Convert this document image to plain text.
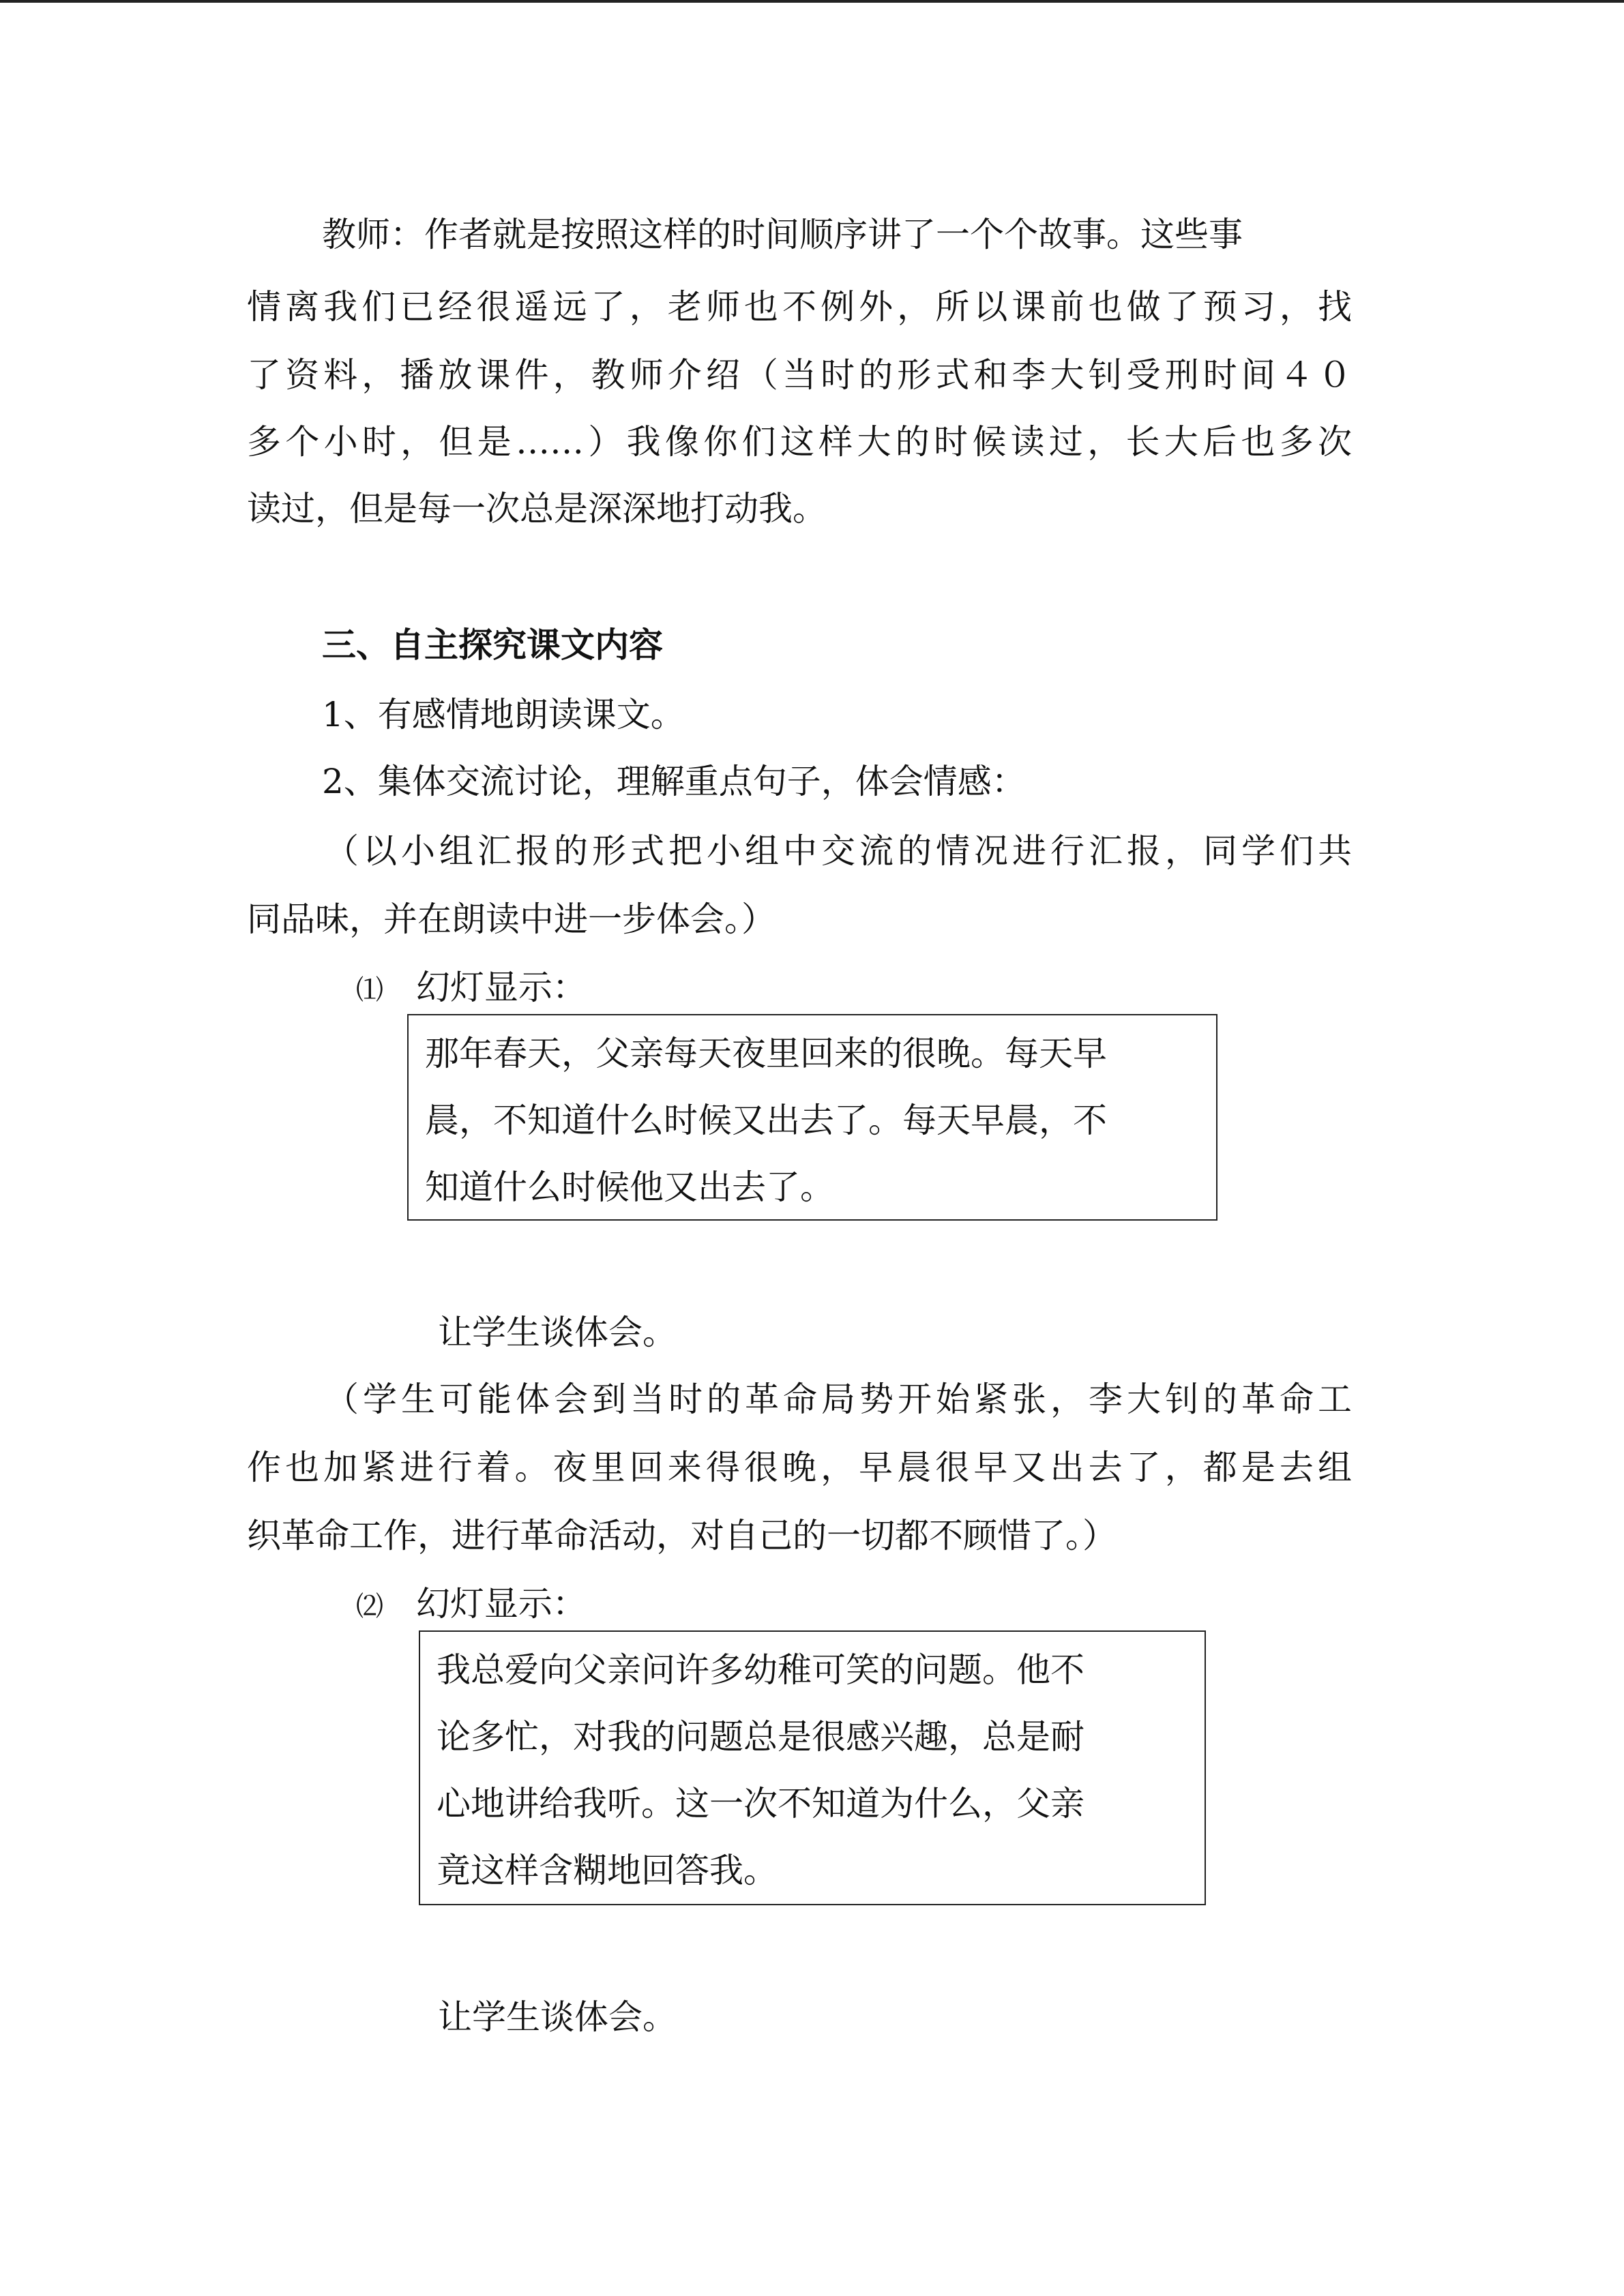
教师：作者就是按照这样的时间顺序讲了一个个故事。这些事
情离我们已经很遥远了，老师也不例外，所以课前也做了预习，找
了资料，播放课件，教师介绍（当时的形式和李大钊受刑时间４０
多个小时，但是……）我像你们这样大的时候读过，长大后也多次
读过，但是每一次总是深深地打动我。
三、自主探究课文内容
1、有感情地朗读课文。
2、集体交流讨论，理解重点句子，体会情感：
（以小组汇报的形式把小组中交流的情况进行汇报，同学们共
同品味，并在朗读中进一步体会。）
⑴ 幻灯显示：
那年春天，父亲每天夜里回来的很晚。每天早
晨，不知道什么时候又出去了。每天早晨，不
知道什么时候他又出去了。
让学生谈体会。
（学生可能体会到当时的革命局势开始紧张，李大钊的革命工
作也加紧进行着。夜里回来得很晚，早晨很早又出去了，都是去组
织革命工作，进行革命活动，对自己的一切都不顾惜了。）
⑵ 幻灯显示：
我总爱向父亲问许多幼稚可笑的问题。他不
论多忙，对我的问题总是很感兴趣，总是耐
心地讲给我听。这一次不知道为什么，父亲
竟这样含糊地回答我。
让学生谈体会。
